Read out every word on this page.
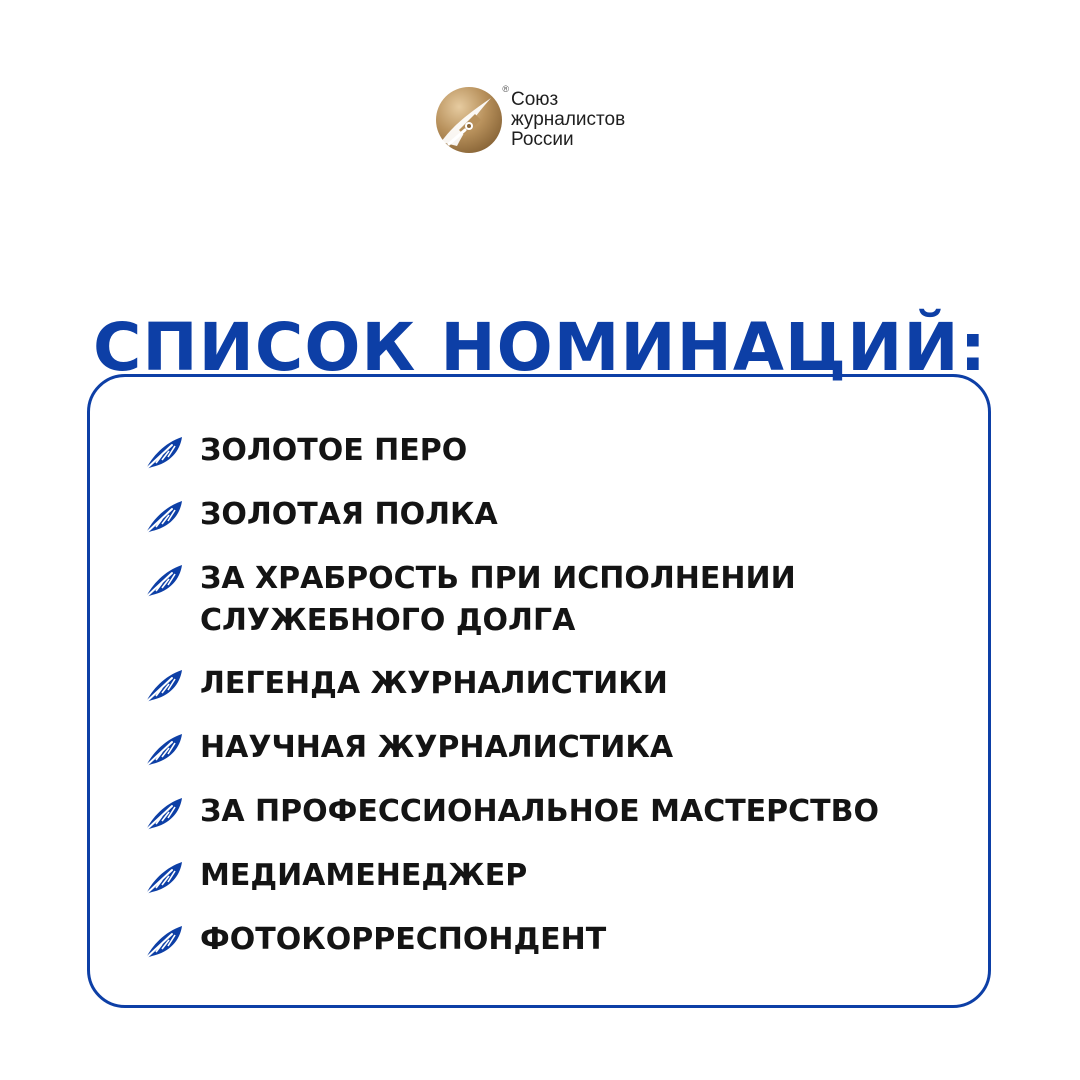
® Союз
журналистов
России
СПИСОК НОМИНАЦИЙ:
ЗОЛОТОЕ ПЕРО
ЗОЛОТАЯ ПОЛКА
ЗА ХРАБРОСТЬ ПРИ ИСПОЛНЕНИИ
СЛУЖЕБНОГО ДОЛГА
ЛЕГЕНДА ЖУРНАЛИСТИКИ
НАУЧНАЯ ЖУРНАЛИСТИКА
ЗА ПРОФЕССИОНАЛЬНОЕ МАСТЕРСТВО
МЕДИАМЕНЕДЖЕР
ФОТОКОРРЕСПОНДЕНТ
